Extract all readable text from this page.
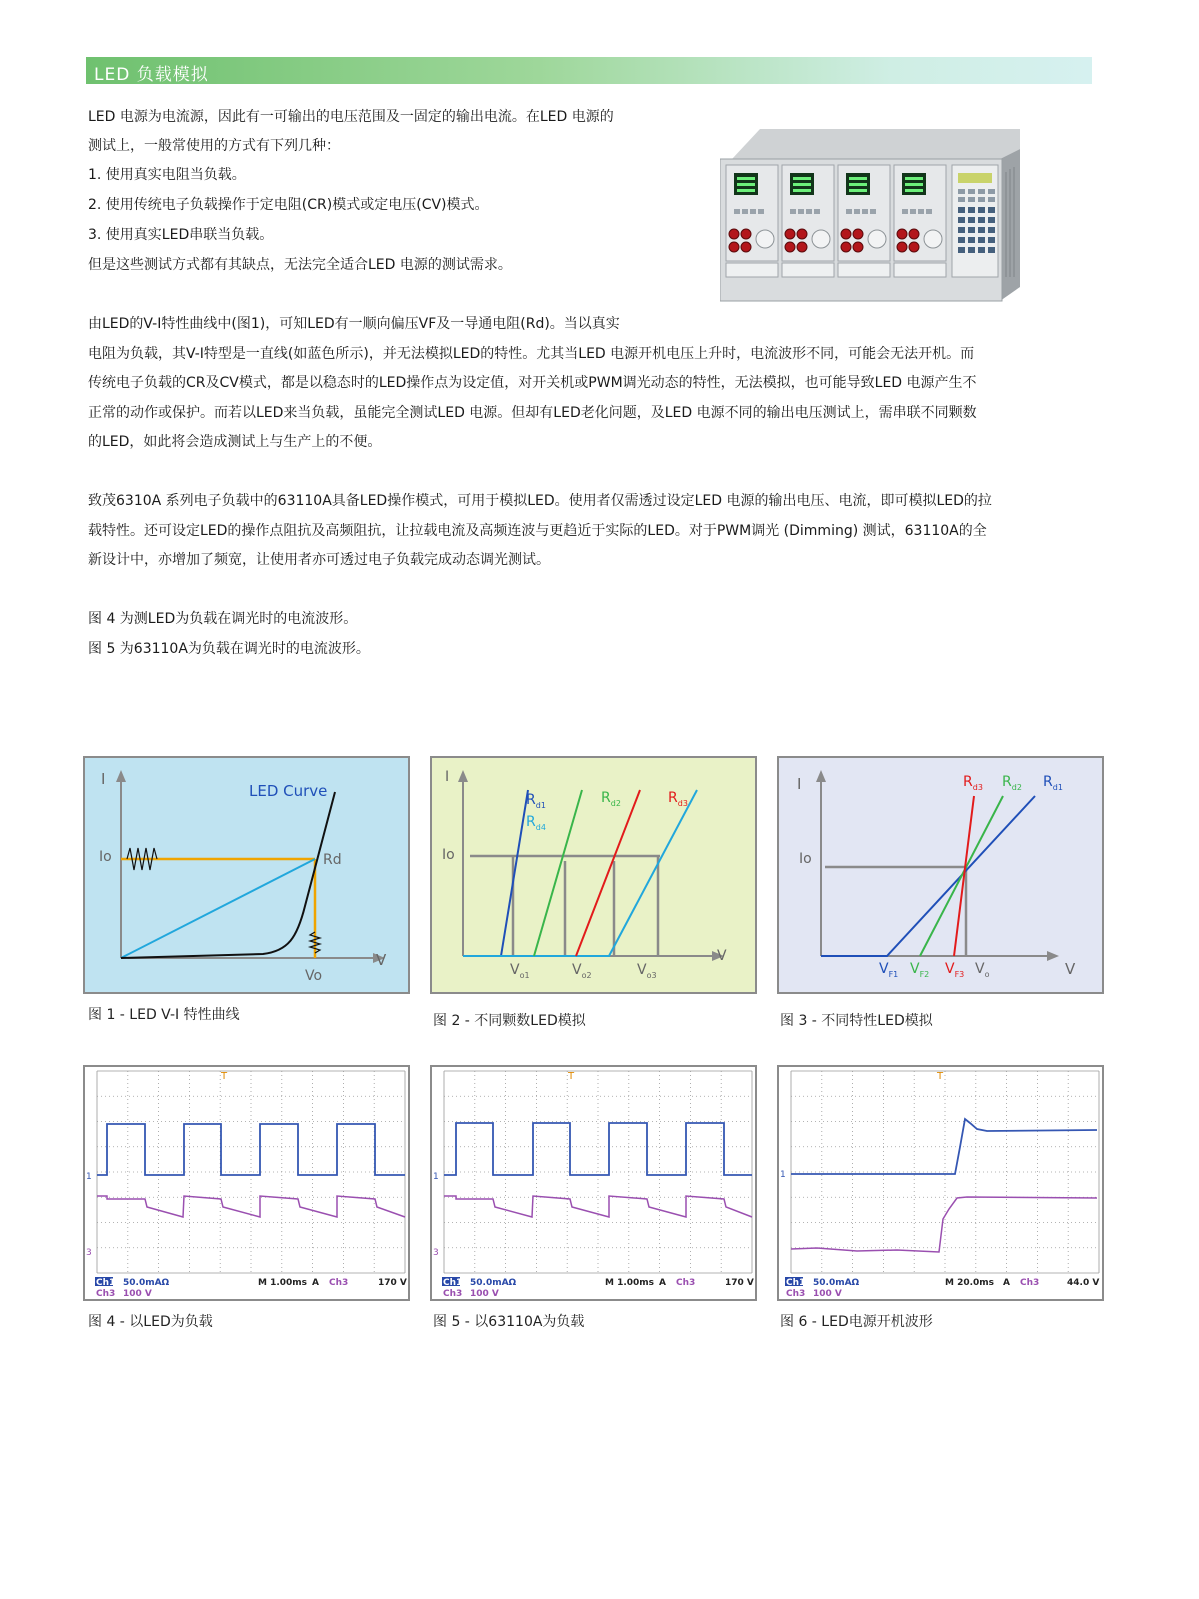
LED 负载模拟

LED 电源为电流源，因此有一可输出的电压范围及一固定的输出电流。在LED 电源的

测试上，一般常使用的方式有下列几种：

1. 使用真实电阻当负载。

2. 使用传统电子负载操作于定电阻(CR)模式或定电压(CV)模式。

3. 使用真实LED串联当负载。

但是这些测试方式都有其缺点，无法完全适合LED 电源的测试需求。

由LED的V-I特性曲线中(图1)，可知LED有一顺向偏压VF及一导通电阻(Rd)。当以真实

电阻为负载，其V-I特型是一直线(如蓝色所示)，并无法模拟LED的特性。尤其当LED 电源开机电压上升时，电流波形不同，可能会无法开机。而

传统电子负载的CR及CV模式，都是以稳态时的LED操作点为设定值，对开关机或PWM调光动态的特性，无法模拟，也可能导致LED 电源产生不

正常的动作或保护。而若以LED来当负载，虽能完全测试LED 电源。但却有LED老化问题，及LED 电源不同的输出电压测试上，需串联不同颗数

的LED，如此将会造成测试上与生产上的不便。

致茂6310A 系列电子负载中的63110A具备LED操作模式，可用于模拟LED。使用者仅需透过设定LED 电源的输出电压、电流，即可模拟LED的拉

载特性。还可设定LED的操作点阻抗及高频阻抗，让拉载电流及高频连波与更趋近于实际的LED。对于PWM调光 (Dimming) 测试，63110A的全

新设计中，亦增加了频宽，让使用者亦可透过电子负载完成动态调光测试。

图 4 为测LED为负载在调光时的电流波形。

图 5 为63110A为负载在调光时的电流波形。

I
V
Io
Vo
Rd
LED Curve
图 1 - LED V-I 特性曲线
I
V
Io
$R_{d1}$
$R_{d4}$
$R_{d2}$	$R_{d3}$
$V_{o1}$	$V_{o2}$	$V_{o3}$
图 2 - 不同颗数LED模拟
I
V
Io
$R_{d3}$ $R_{d2}$ $R_{d1}$
$V_{F1}$ $V_{F2}$ $V_{F3}$ $V_o$
图 3 - 不同特性LED模拟
T
1
3
Ch1 50.0mAΩ
Ch3 100 V
M 1.00ms A Ch3	170 V
图 4 - 以LED为负载
T
1
3
Ch1 50.0mAΩ
Ch3 100 V
M 1.00ms A Ch3	170 V
图 5 - 以63110A为负载
T
1
Ch1 50.0mAΩ
Ch3 100 V
M 20.0ms A Ch3	44.0 V
图 6 - LED电源开机波形
